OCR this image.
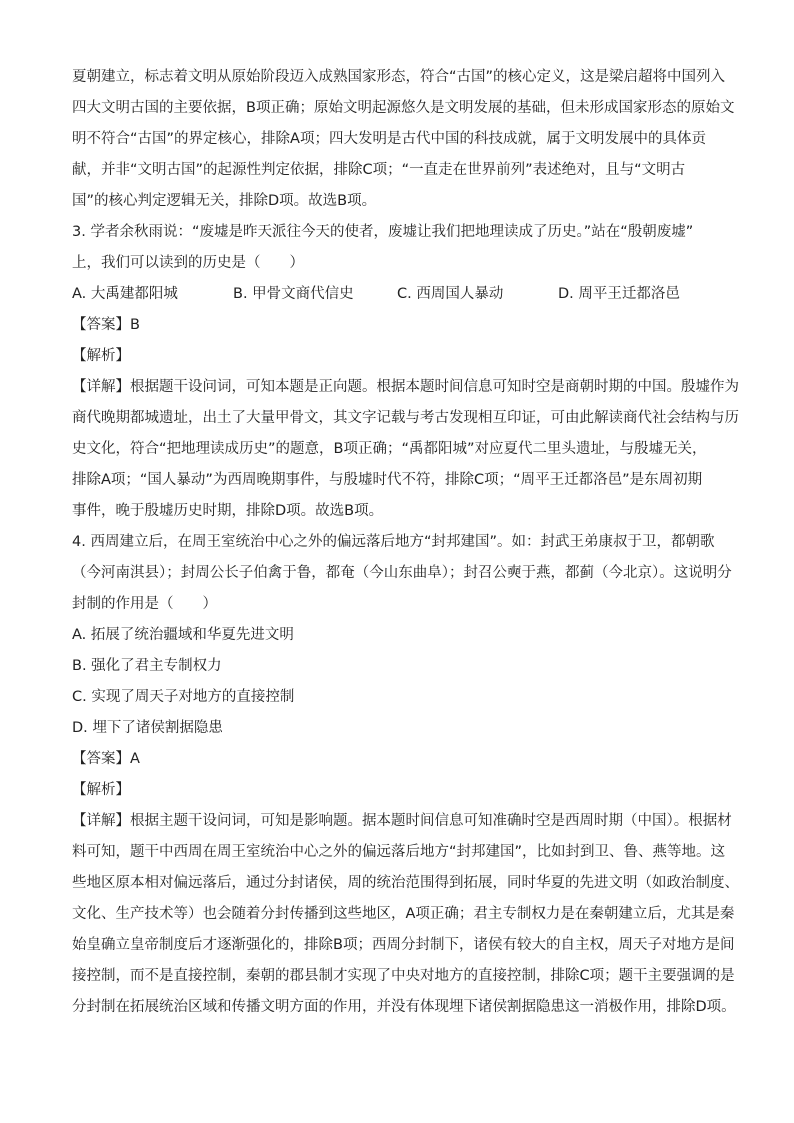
夏朝建立，标志着文明从原始阶段迈入成熟国家形态，符合“古国”的核心定义，这是梁启超将中国列入
四大文明古国的主要依据，B项正确；原始文明起源悠久是文明发展的基础，但未形成国家形态的原始文
明不符合“古国”的界定核心，排除A项；四大发明是古代中国的科技成就，属于文明发展中的具体贡
献，并非“文明古国”的起源性判定依据，排除C项；“一直走在世界前列”表述绝对，且与“文明古
国”的核心判定逻辑无关，排除D项。故选B项。
3. 学者余秋雨说：“废墟是昨天派往今天的使者，废墟让我们把地理读成了历史。”站在“殷朝废墟”
上，我们可以读到的历史是（　　）
A. 大禹建都阳城	B. 甲骨文商代信史	C. 西周国人暴动	D. 周平王迁都洛邑
【答案】B
【解析】
【详解】根据题干设问词，可知本题是正向题。根据本题时间信息可知时空是商朝时期的中国。殷墟作为
商代晚期都城遗址，出土了大量甲骨文，其文字记载与考古发现相互印证，可由此解读商代社会结构与历
史文化，符合“把地理读成历史”的题意，B项正确；“禹都阳城”对应夏代二里头遗址，与殷墟无关，
排除A项；“国人暴动”为西周晚期事件，与殷墟时代不符，排除C项；“周平王迁都洛邑”是东周初期
事件，晚于殷墟历史时期，排除D项。故选B项。
4. 西周建立后，在周王室统治中心之外的偏远落后地方“封邦建国”。如：封武王弟康叔于卫，都朝歌
（今河南淇县）；封周公长子伯禽于鲁，都奄（今山东曲阜）；封召公奭于燕，都蓟（今北京）。这说明分
封制的作用是（　　）
A. 拓展了统治疆域和华夏先进文明
B. 强化了君主专制权力
C. 实现了周天子对地方的直接控制
D. 埋下了诸侯割据隐患
【答案】A
【解析】
【详解】根据主题干设问词，可知是影响题。据本题时间信息可知准确时空是西周时期（中国）。根据材
料可知，题干中西周在周王室统治中心之外的偏远落后地方“封邦建国”，比如封到卫、鲁、燕等地。这
些地区原本相对偏远落后，通过分封诸侯，周的统治范围得到拓展，同时华夏的先进文明（如政治制度、
文化、生产技术等）也会随着分封传播到这些地区，A项正确；君主专制权力是在秦朝建立后，尤其是秦
始皇确立皇帝制度后才逐渐强化的，排除B项；西周分封制下，诸侯有较大的自主权，周天子对地方是间
接控制，而不是直接控制，秦朝的郡县制才实现了中央对地方的直接控制，排除C项；题干主要强调的是
分封制在拓展统治区域和传播文明方面的作用，并没有体现埋下诸侯割据隐患这一消极作用，排除D项。
